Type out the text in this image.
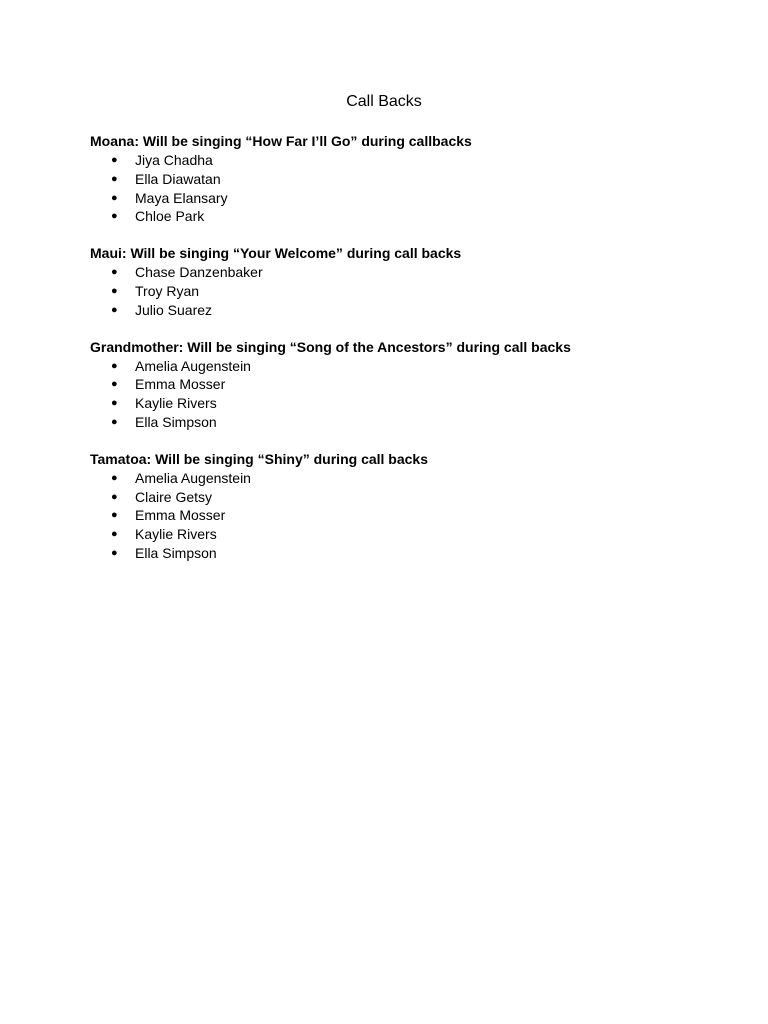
Call Backs

Moana: Will be singing “How Far I’ll Go” during callbacks

● Jiya Chadha
● Ella Diawatan
● Maya Elansary
● Chloe Park

Maui: Will be singing “Your Welcome” during call backs

● Chase Danzenbaker
● Troy Ryan
● Julio Suarez

Grandmother: Will be singing “Song of the Ancestors” during call backs

● Amelia Augenstein
● Emma Mosser
● Kaylie Rivers
● Ella Simpson

Tamatoa: Will be singing “Shiny” during call backs

● Amelia Augenstein
● Claire Getsy
● Emma Mosser
● Kaylie Rivers
● Ella Simpson
